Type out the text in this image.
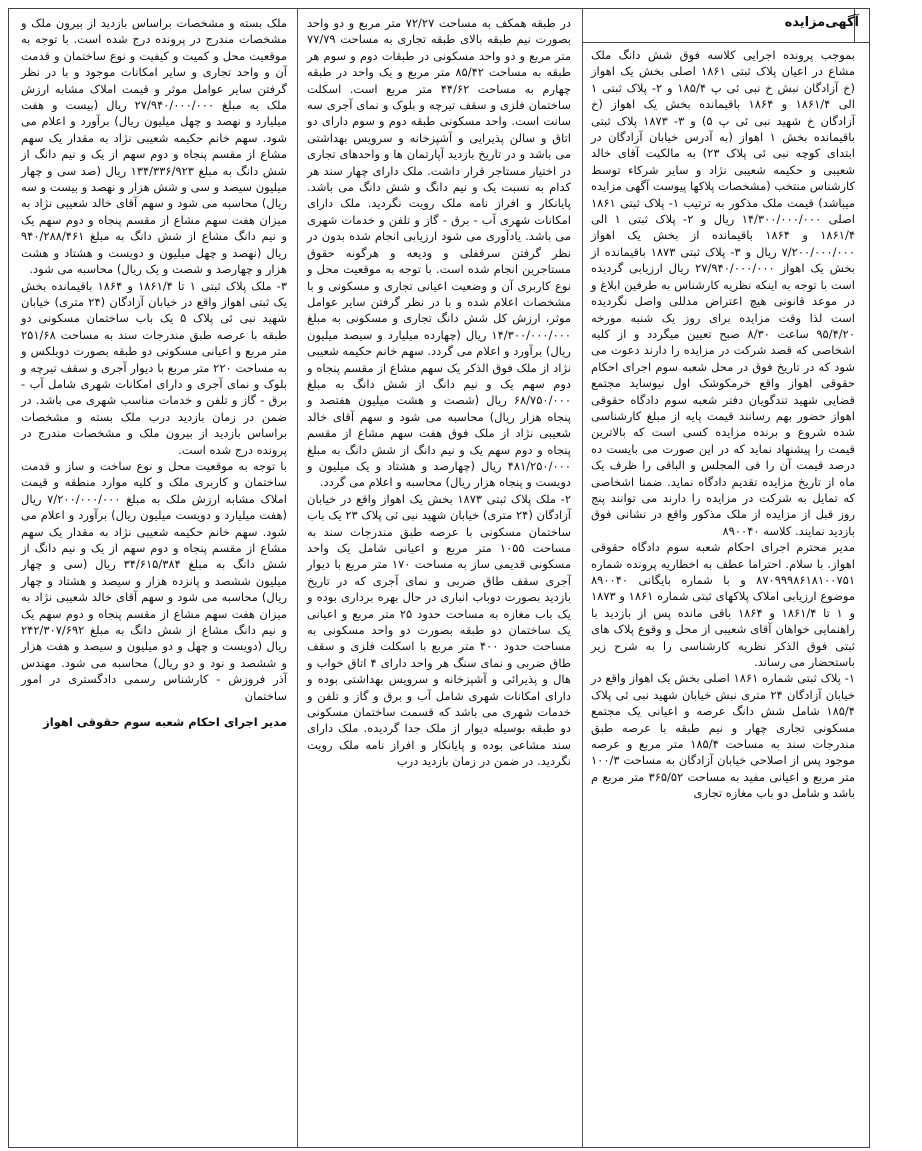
آگهی‌مزایده

بموجب پرونده اجرایی کلاسه فوق شش دانگ ملک مشاع در اعیان پلاک ثبتی ۱۸۶۱ اصلی بخش یک اهواز (خ آزادگان نبش خ نبی ئی پ ۱۸۵/۴ و ۲- پلاک ثبتی ۱ الی ۱۸۶۱/۴ و ۱۸۶۴ باقیمانده بخش یک اهواز (خ آزادگان خ شهید نبی ئی پ ۵) و ۳- ۱۸۷۳ پلاک ثبتی باقیمانده بخش ۱ اهواز (به آدرس خیابان آزادگان در ابتدای کوچه نبی ئی پلاک ۲۳) به مالکیت آقای خالد شعیبی و حکیمه شعیبی نژاد و سایر شرکاء توسط کارشناس منتخب (مشخصات پلاکها پیوست آگهی مزایده میباشد) قیمت ملک مذکور به ترتیب ۱- پلاک ثبتی ۱۸۶۱ اصلی ۱۴/۳۰۰/۰۰۰/۰۰۰ ریال و ۲- پلاک ثبتی ۱ الی ۱۸۶۱/۴ و ۱۸۶۴ باقیمانده از بخش یک اهواز ۷/۲۰۰/۰۰۰/۰۰۰ ریال و ۳- پلاک ثبتی ۱۸۷۳ باقیمانده از بخش یک اهواز ۲۷/۹۴۰/۰۰۰/۰۰۰ ریال ارزیابی گردیده است با توجه به اینکه نظریه کارشناس به طرفین ابلاغ و در موعد قانونی هیچ اعتراض مدللی واصل نگردیده است لذا وقت مزایده برای روز یک شنبه مورخه ۹۵/۴/۲۰ ساعت ۸/۳۰ صبح تعیین میگردد و از کلیه اشخاصی که قصد شرکت در مزایده را دارند دعوت می شود که در تاریخ فوق در محل شعبه سوم اجرای احکام حقوقی اهواز واقع خرمکوشک اول نیوساید مجتمع قضایی شهید تندگویان دفتر شعبه سوم دادگاه حقوقی اهواز حضور بهم رسانند قیمت پایه از مبلغ کارشناسی شده شروع و برنده مزایده کسی است که بالاترین قیمت را پیشنهاد نماید که در این صورت می بایست ده درصد قیمت آن را فی المجلس و الباقی را ظرف یک ماه از تاریخ مزایده تقدیم دادگاه نماید. ضمنا اشخاصی که تمایل به شرکت در مزایده را دارند می توانند پنج روز قبل از مزایده از ملک مذکور واقع در نشانی فوق بازدید نمایند. کلاسه ۸۹۰۰۴۰

مدیر محترم اجرای احکام شعبه سوم دادگاه حقوقی اهواز. با سلام. احتراما عطف به اخطاریه پرونده شماره ۸۷۰۹۹۹۸۶۱۸۱۰۰۷۵۱ و با شماره بایگانی ۸۹۰۰۴۰ موضوع ارزیابی املاک پلاکهای ثبتی شماره ۱۸۶۱ و ۱۸۷۳ و ۱ تا ۱۸۶۱/۴ و ۱۸۶۴ باقی مانده پس از بازدید با راهنمایی خواهان آقای شعیبی از محل و وقوع پلاک های ثبتی فوق الذکر نظریه کارشناسی را به شرح زیر باستحضار می رساند.

۱- پلاک ثبتی شماره ۱۸۶۱ اصلی بخش یک اهواز واقع در خیابان آزادگان ۲۴ متری نبش خیابان شهید نبی ئی پلاک ۱۸۵/۴ شامل شش دانگ عرصه و اعیانی یک مجتمع مسکونی تجاری چهار و نیم طبقه با عرصه طبق مندرجات سند به مساحت ۱۸۵/۴ متر مربع و عرصه موجود پس از اصلاحی خیابان آزادگان به مساحت ۱۰۰/۳ متر مربع و اعیانی مفید به مساحت ۳۶۵/۵۲ متر مربع م باشد و شامل دو باب مغازه تجاری

در طبقه همکف به مساحت ۷۲/۲۷ متر مربع و دو واحد بصورت نیم طبقه بالای طبقه تجاری به مساحت ۷۷/۷۹ متر مربع و دو واحد مسکونی در طبقات دوم و سوم هر طبقه به مساحت ۸۵/۴۲ متر مربع و یک واحد در طبقه چهارم به مساحت ۴۴/۶۲ متر مربع است. اسکلت ساختمان فلزی و سقف تیرچه و بلوک و نمای آجری سه سانت است. واحد مسکونی طبقه دوم و سوم دارای دو اتاق و سالن پذیرایی و آشپزخانه و سرویس بهداشتی می باشد و در تاریخ بازدید آپارتمان ها و واحدهای تجاری در اختیار مستاجر قرار داشت. ملک دارای چهار سند هر کدام به نسبت یک و نیم دانگ و شش دانگ می باشد. پایانکار و افراز نامه ملک رویت نگردید. ملک دارای امکانات شهری آب - برق - گاز و تلفن و خدمات شهری می باشد. یادآوری می شود ارزیابی انجام شده بدون در نظر گرفتن سرقفلی و ودیعه و هرگونه حقوق مستاجرین انجام شده است. با توجه به موقعیت محل و نوع کاربری آن و وضعیت اعیانی تجاری و مسکونی و با مشخصات اعلام شده و با در نظر گرفتن سایر عوامل موثر، ارزش کل شش دانگ تجاری و مسکونی به مبلغ ۱۴/۳۰۰/۰۰۰/۰۰۰ ریال (چهارده میلیارد و سیصد میلیون ریال) برآورد و اعلام می گردد. سهم خانم حکیمه شعیبی نژاد از ملک فوق الذکر یک سهم مشاع از مقسم پنجاه و دوم سهم یک و نیم دانگ از شش دانگ به مبلغ ۶۸/۷۵۰/۰۰۰ ریال (شصت و هشت میلیون هفتصد و پنجاه هزار ریال) محاسبه می شود و سهم آقای خالد شعیبی نژاد از ملک فوق هفت سهم مشاع از مقسم پنجاه و دوم سهم یک و نیم دانگ از شش دانگ به مبلغ ۴۸۱/۲۵۰/۰۰۰ ریال (چهارصد و هشتاد و یک میلیون و دویست و پنجاه هزار ریال) محاسبه و اعلام می گردد.

۲- ملک پلاک ثبتی ۱۸۷۳ بخش یک اهواز واقع در خیابان آزادگان (۲۴ متری) خیابان شهید نبی ئی پلاک ۲۳ یک باب ساختمان مسکونی با عرصه طبق مندرجات سند به مساحت ۱۰۵۵ متر مربع و اعیانی شامل یک واحد مسکونی قدیمی ساز به مساحت ۱۷۰ متر مربع با دیوار آجری سقف طاق ضربی و نمای آجری که در تاریخ بازدید بصورت دوباب انباری در حال بهره برداری بوده و یک باب مغازه به مساحت حدود ۲۵ متر مربع و اعیانی یک ساختمان دو طبقه بصورت دو واحد مسکونی به مساحت حدود ۴۰۰ متر مربع با اسکلت فلزی و سقف طاق ضربی و نمای سنگ هر واحد دارای ۴ اتاق خواب و هال و پذیرائی و آشپزخانه و سرویس بهداشتی بوده و دارای امکانات شهری شامل آب و برق و گاز و تلفن و خدمات شهری می باشد که قسمت ساختمان مسکونی دو طبقه بوسیله دیوار از ملک جدا گردیده. ملک دارای سند مشاعی بوده و پایانکار و افراز نامه ملک رویت نگردید. در ضمن در زمان بازدید درب

ملک بسته و مشخصات براساس بازدید از بیرون ملک و مشخصات مندرج در پرونده درج شده است. با توجه به موقعیت محل و کمیت و کیفیت و نوع ساختمان و قدمت آن و واحد تجاری و سایر امکانات موجود و با در نظر گرفتن سایر عوامل موثر و قیمت املاک مشابه ارزش ملک به مبلغ ۲۷/۹۴۰/۰۰۰/۰۰۰ ریال (بیست و هفت میلیارد و نهصد و چهل میلیون ریال) برآورد و اعلام می شود. سهم خانم حکیمه شعیبی نژاد به مقدار یک سهم مشاع از مقسم پنجاه و دوم سهم از یک و نیم دانگ از شش دانگ به مبلغ ۱۳۴/۳۳۶/۹۲۳ ریال (صد سی و چهار میلیون سیصد و سی و شش هزار و نهصد و بیست و سه ریال) محاسبه می شود و سهم آقای خالد شعیبی نژاد به میزان هفت سهم مشاع از مقسم پنجاه و دوم سهم یک و نیم دانگ مشاع از شش دانگ به مبلغ ۹۴۰/۲۸۸/۴۶۱ ریال (نهصد و چهل میلیون و دویست و هشتاد و هشت هزار و چهارصد و شصت و یک ریال) محاسبه می شود.

۳- ملک پلاک ثبتی ۱ تا ۱۸۶۱/۴ و ۱۸۶۴ باقیمانده بخش یک ثبتی اهواز واقع در خیابان آزادگان (۲۴ متری) خیابان شهید نبی ئی پلاک ۵ یک باب ساختمان مسکونی دو طبقه با عرصه طبق مندرجات سند به مساحت ۲۵۱/۶۸ متر مربع و اعیانی مسکونی دو طبقه بصورت دوبلکس و به مساحت ۲۲۰ متر مربع با دیوار آجری و سقف تیرچه و بلوک و نمای آجری و دارای امکانات شهری شامل آب - برق - گاز و تلفن و خدمات مناسب شهری می باشد. در ضمن در زمان بازدید درب ملک بسته و مشخصات براساس بازدید از بیرون ملک و مشخصات مندرج در پرونده درج شده است.

با توجه به موقعیت محل و نوع ساخت و ساز و قدمت ساختمان و کاربری ملک و کلیه موارد منطقه و قیمت املاک مشابه ارزش ملک به مبلغ ۷/۲۰۰/۰۰۰/۰۰۰ ریال (هفت میلیارد و دویست میلیون ریال) برآورد و اعلام می شود. سهم خانم حکیمه شعیبی نژاد به مقدار یک سهم مشاع از مقسم پنجاه و دوم سهم از یک و نیم دانگ از شش دانگ به مبلغ ۳۴/۶۱۵/۳۸۴ ریال (سی و چهار میلیون ششصد و پانزده هزار و سیصد و هشتاد و چهار ریال) محاسبه می شود و سهم آقای خالد شعیبی نژاد به میزان هفت سهم مشاع از مقسم پنجاه و دوم سهم یک و نیم دانگ مشاع از شش دانگ به مبلغ ۲۴۲/۳۰۷/۶۹۲ ریال (دویست و چهل و دو میلیون و سیصد و هفت هزار و ششصد و نود و دو ریال) محاسبه می شود. مهندس آذر فروزش - کارشناس رسمی دادگستری در امور ساختمان

مدیر اجرای احکام شعبه سوم حقوقی اهواز
